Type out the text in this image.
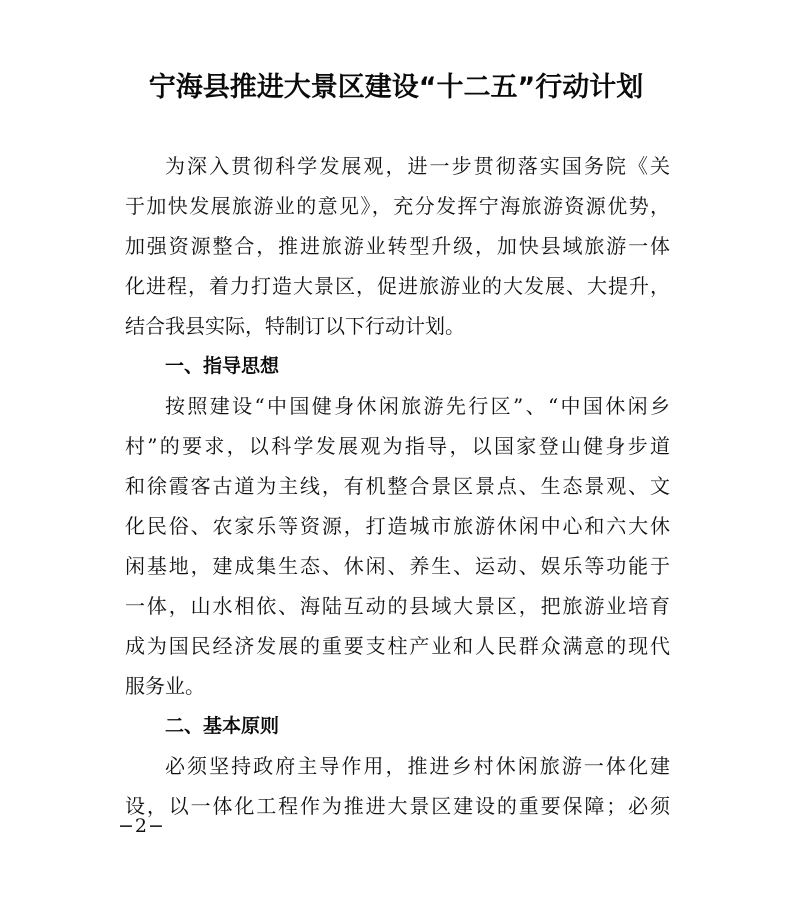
宁海县推进大景区建设“十二五”行动计划

为深入贯彻科学发展观，进一步贯彻落实国务院《关

于加快发展旅游业的意见》，充分发挥宁海旅游资源优势，

加强资源整合，推进旅游业转型升级，加快县域旅游一体

化进程，着力打造大景区，促进旅游业的大发展、大提升，

结合我县实际，特制订以下行动计划。

一、指导思想

按照建设“中国健身休闲旅游先行区”、“中国休闲乡

村”的要求，以科学发展观为指导，以国家登山健身步道

和徐霞客古道为主线，有机整合景区景点、生态景观、文

化民俗、农家乐等资源，打造城市旅游休闲中心和六大休

闲基地，建成集生态、休闲、养生、运动、娱乐等功能于

一体，山水相依、海陆互动的县域大景区，把旅游业培育

成为国民经济发展的重要支柱产业和人民群众满意的现代

服务业。

二、基本原则

必须坚持政府主导作用，推进乡村休闲旅游一体化建

设，以一体化工程作为推进大景区建设的重要保障；必须

−2−
